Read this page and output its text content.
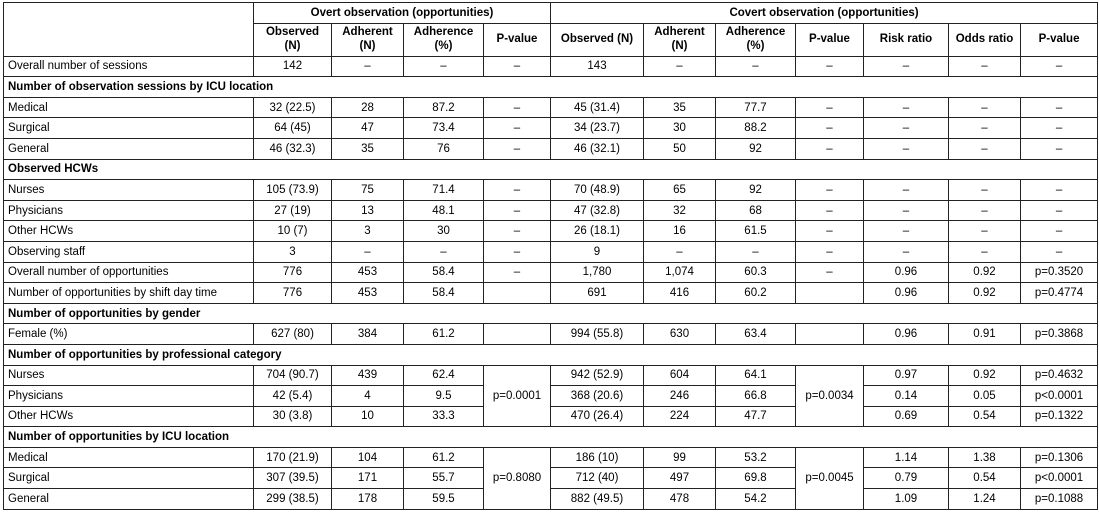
	Overt observation (opportunities)				Covert observation (opportunities)						
	Observed (N)	Adherent (N)	Adherence (%)	P-value	Observed (N)	Adherent (N)	Adherence (%)	P-value	Risk ratio	Odds ratio	P-value
Overall number of sessions	142	–	–	–	143	–	–	–	–	–	–
Number of observation sessions by ICU location											
Medical	32 (22.5)	28	87.2	–	45 (31.4)	35	77.7	–	–	–	–
Surgical	64 (45)	47	73.4	–	34 (23.7)	30	88.2	–	–	–	–
General	46 (32.3)	35	76	–	46 (32.1)	50	92	–	–	–	–
Observed HCWs											
Nurses	105 (73.9)	75	71.4	–	70 (48.9)	65	92	–	–	–	–
Physicians	27 (19)	13	48.1	–	47 (32.8)	32	68	–	–	–	–
Other HCWs	10 (7)	3	30	–	26 (18.1)	16	61.5	–	–	–	–
Observing staff	3	–	–	–	9	–	–	–	–	–	–
Overall number of opportunities	776	453	58.4	–	1,780	1,074	60.3	–	0.96	0.92	p=0.3520
Number of opportunities by shift day time	776	453	58.4		691	416	60.2		0.96	0.92	p=0.4774
Number of opportunities by gender											
Female (%)	627 (80)	384	61.2		994 (55.8)	630	63.4		0.96	0.91	p=0.3868
Number of opportunities by professional category											
Nurses	704 (90.7)	439	62.4	p=0.0001	942 (52.9)	604	64.1	p=0.0034	0.97	0.92	p=0.4632
Physicians	42 (5.4)	4	9.5		368 (20.6)	246	66.8		0.14	0.05	p<0.0001
Other HCWs	30 (3.8)	10	33.3		470 (26.4)	224	47.7		0.69	0.54	p=0.1322
Number of opportunities by ICU location											
Medical	170 (21.9)	104	61.2	p=0.8080	186 (10)	99	53.2	p=0.0045	1.14	1.38	p=0.1306
Surgical	307 (39.5)	171	55.7		712 (40)	497	69.8		0.79	0.54	p<0.0001
General	299 (38.5)	178	59.5		882 (49.5)	478	54.2		1.09	1.24	p=0.1088
